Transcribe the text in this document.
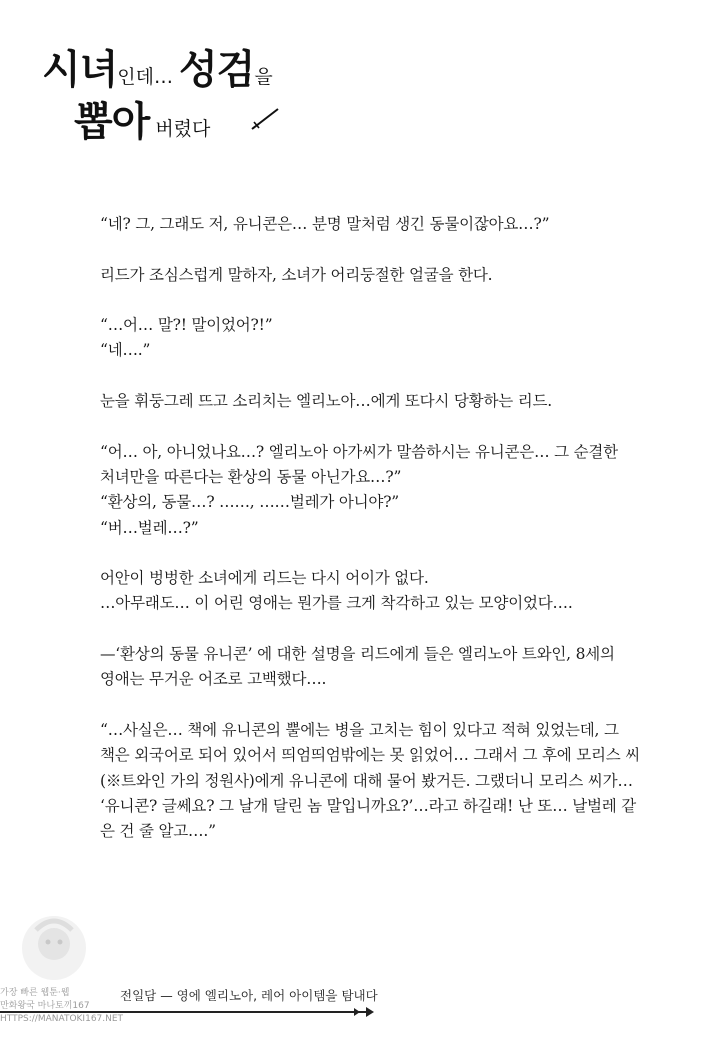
시녀인데… 성검을
뽑아 버렸다

“네? 그, 그래도 저, 유니콘은… 분명 말처럼 생긴 동물이잖아요…?”

리드가 조심스럽게 말하자, 소녀가 어리둥절한 얼굴을 한다.

“…어… 말?! 말이었어?!”

“네….”

눈을 휘둥그레 뜨고 소리치는 엘리노아…에게 또다시 당황하는 리드.

“어… 아, 아니었나요…? 엘리노아 아가씨가 말씀하시는 유니콘은… 그 순결한

처녀만을 따른다는 환상의 동물 아닌가요…?”

“환상의, 동물…? ……, ……벌레가 아니야?”

“버…벌레…?”

어안이 벙벙한 소녀에게 리드는 다시 어이가 없다.

…아무래도… 이 어린 영애는 뭔가를 크게 착각하고 있는 모양이었다….

—‘환상의 동물 유니콘’ 에 대한 설명을 리드에게 들은 엘리노아 트와인, 8세의

영애는 무거운 어조로 고백했다….

“…사실은… 책에 유니콘의 뿔에는 병을 고치는 힘이 있다고 적혀 있었는데, 그

책은 외국어로 되어 있어서 띄엄띄엄밖에는 못 읽었어… 그래서 그 후에 모리스 씨

(※트와인 가의 정원사)에게 유니콘에 대해 물어 봤거든. 그랬더니 모리스 씨가…

‘유니콘? 글쎄요? 그 날개 달린 놈 말입니까요?’…라고 하길래! 난 또… 날벌레 같

은 건 줄 알고….”

가장 빠른 웹툰·웹
만화왕국 마나토끼167
HTTPS://MANATOKI167.NET
전일담 — 영에 엘리노아, 레어 아이템을 탐내다
